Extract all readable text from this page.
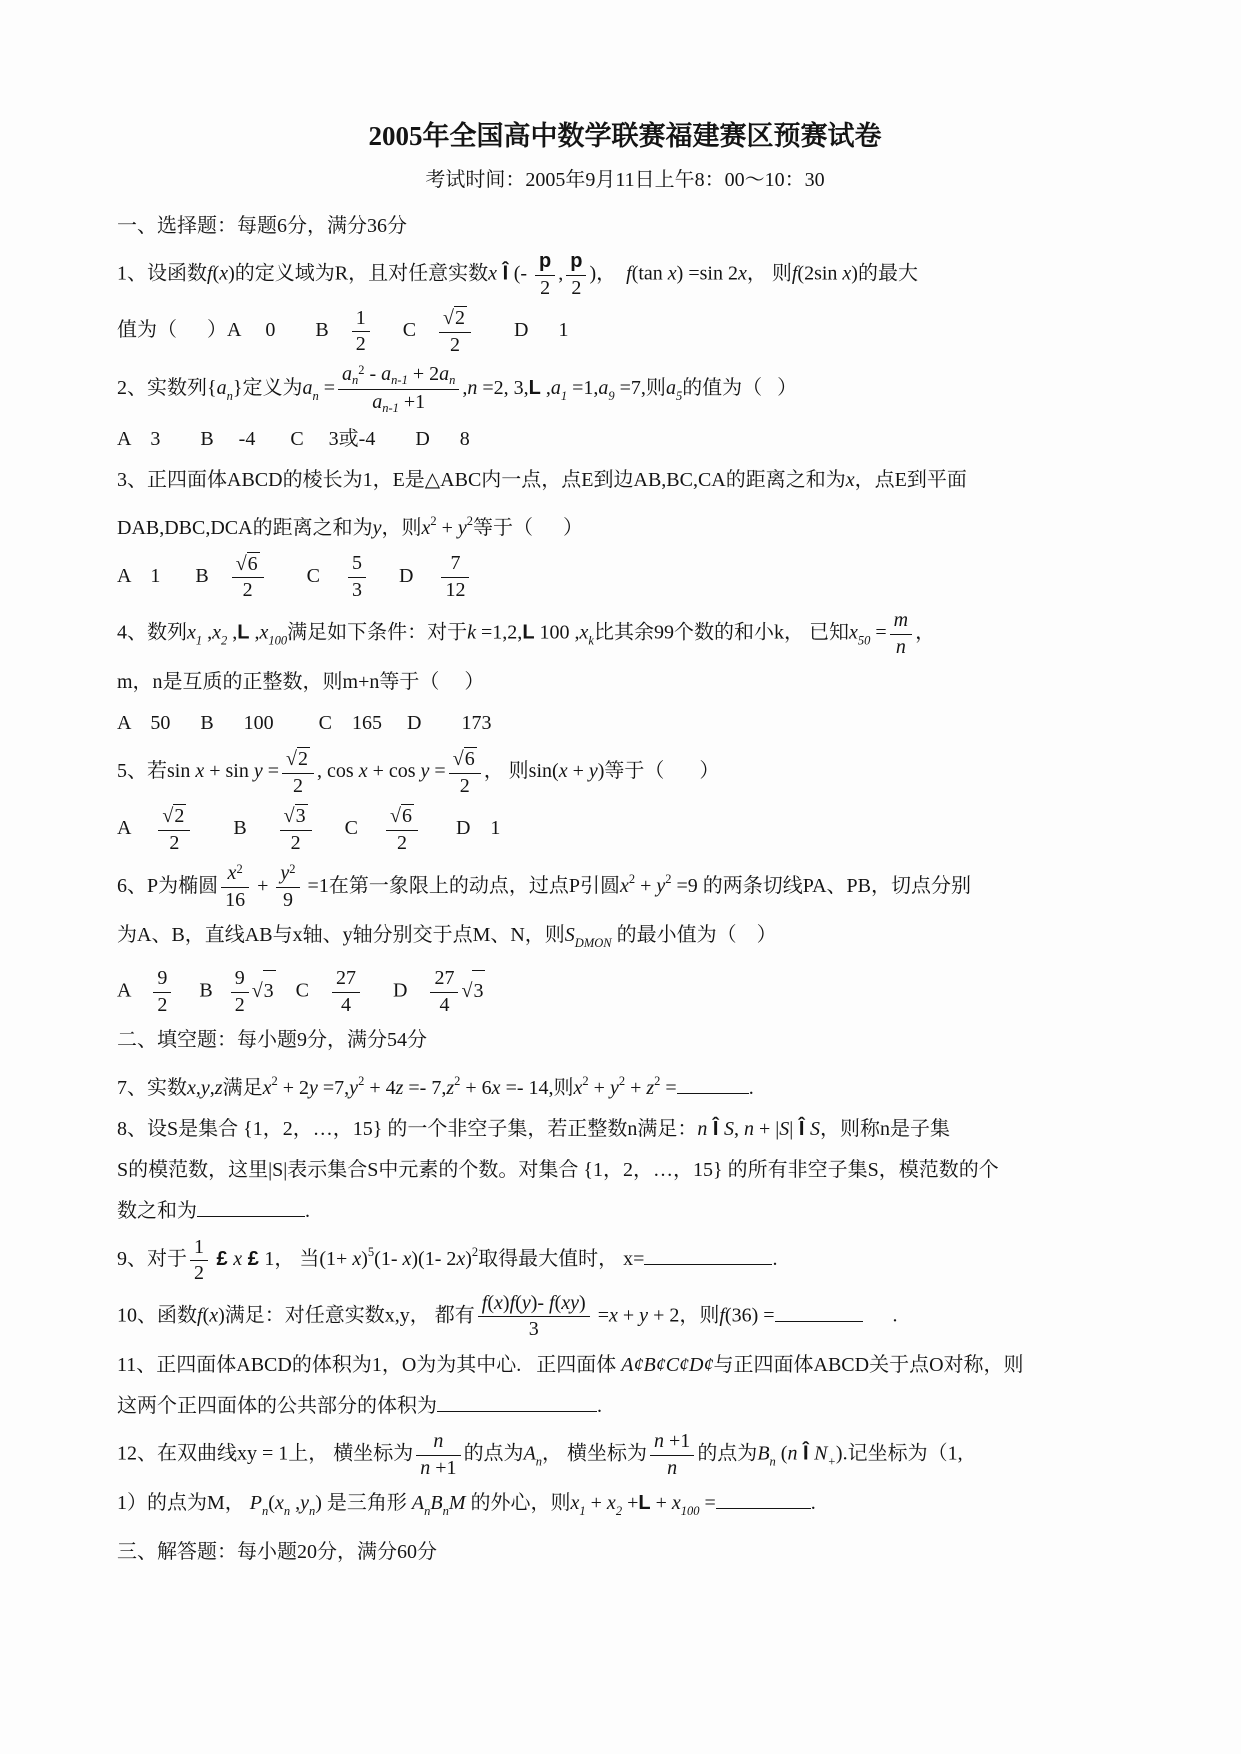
2005年全国高中数学联赛福建赛区预赛试卷
考试时间：2005年9月11日上午8：00～10：30
一、选择题：每题6分，满分36分
1、设函数f(x)的定义域为R，且对任意实数x Î (- $\frac{p}{2}$ , $\frac{p}{2}$ )，  f(tan x) =sin 2x， 则f(2sin x)的最大
值为（      ）A     0        B $\frac{1}{2}$ C $\frac{√2}{2}$ D      1
2、实数列$\{a_n\}$定义为$a_n = \frac{a_n^2 - a_{n-1} + 2a_n}{a_{n-1} +1} ,n =2$, 3,L $,a_1 =1,a_9 =7$,则$a_5$的值为（   ）
A    3        B     -4       C     3或-4        D      8
3、正四面体ABCD的棱长为1，E是△ABC内一点，点E到边AB,BC,CA的距离之和为x，点E到平面
DAB,DBC,DCA的距离之和为y，则$x^2 + y^2$等于（      ）
A    1       B $\frac{√6}{2}$ C $\frac{5}{3}$ D $\frac{7}{12}$
4、数列$x_1$ $,x_2$ ,L $,x_{100}$满足如下条件：对于k =1,2,L 100 $,x_k$比其余99个数的和小k， 已知$x_{50} = \frac{m}{n}$ ，
m，n是互质的正整数，则m+n等于（     ）
A    50      B      100         C    165     D        173
5、若$\sin x + \sin y = \frac{√2}{2}$ , $\cos x + \cos y = \frac{√6}{2}$ ， 则sin(x + y)等于（       ）
A $\frac{√2}{2}$ B $\frac{√3}{2}$ C $\frac{√6}{2}$ D    1
6、P为椭圆 $\frac{x^2}{16} + \frac{y^2}{9} =1$在第一象限上的动点，过点P引圆$x^2 + y^2 =9$ 的两条切线PA、PB，切点分别
为A、B，直线AB与x轴、y轴分别交于点M、N，则$S_{DMON}$ 的最小值为（    ）
A $\frac{9}{2}$ B $\frac{9}{2} √3$    C $\frac{27}{4}$ D $\frac{27}{4} √3$
二、填空题：每小题9分，满分54分
7、实数x,y,z满足$x^2 + 2y =7,y^2 + 4z =- 7,z^2 + 6x =- 14$,则$x^2 + y^2 + z^2$ =	.
8、设S是集合 {1，2，…，15} 的一个非空子集，若正整数n满足：n Î S, n + |S| Î S，则称n是子集
S的模范数，这里|S|表示集合S中元素的个数。对集合 {1，2，…，15} 的所有非空子集S，模范数的个
数之和为	.
9、对于 $\frac{1}{2}$ £ x £ 1， 当$(1+ x)^5(1-$ x)(1- 2x)$^2$取得最大值时， x=	.
10、函数f(x)满足：对任意实数x,y， 都有 $\frac{f(x)f(y)- f(xy)}{3} =x + y + 2$，则f(36) =	.
11、正四面体ABCD的体积为1，O为为其中心.   正四面体 A¢B¢C¢D¢与正四面体ABCD关于点O对称，则
这两个正四面体的公共部分的体积为	.
12、在双曲线xy = 1上， 横坐标为 $\frac{n}{n +1}$ 的点为$A_n$， 横坐标为 $\frac{n +1}{n}$ 的点为$B_n$ (n Î $N_+$).记坐标为（1,
1）的点为M， $P_n(x_n$ $,y_n$) 是三角形 $A_nB_nM$ 的外心，则$x_1 + x_2 +L + x_{100}$ =	.
三、解答题：每小题20分，满分60分
